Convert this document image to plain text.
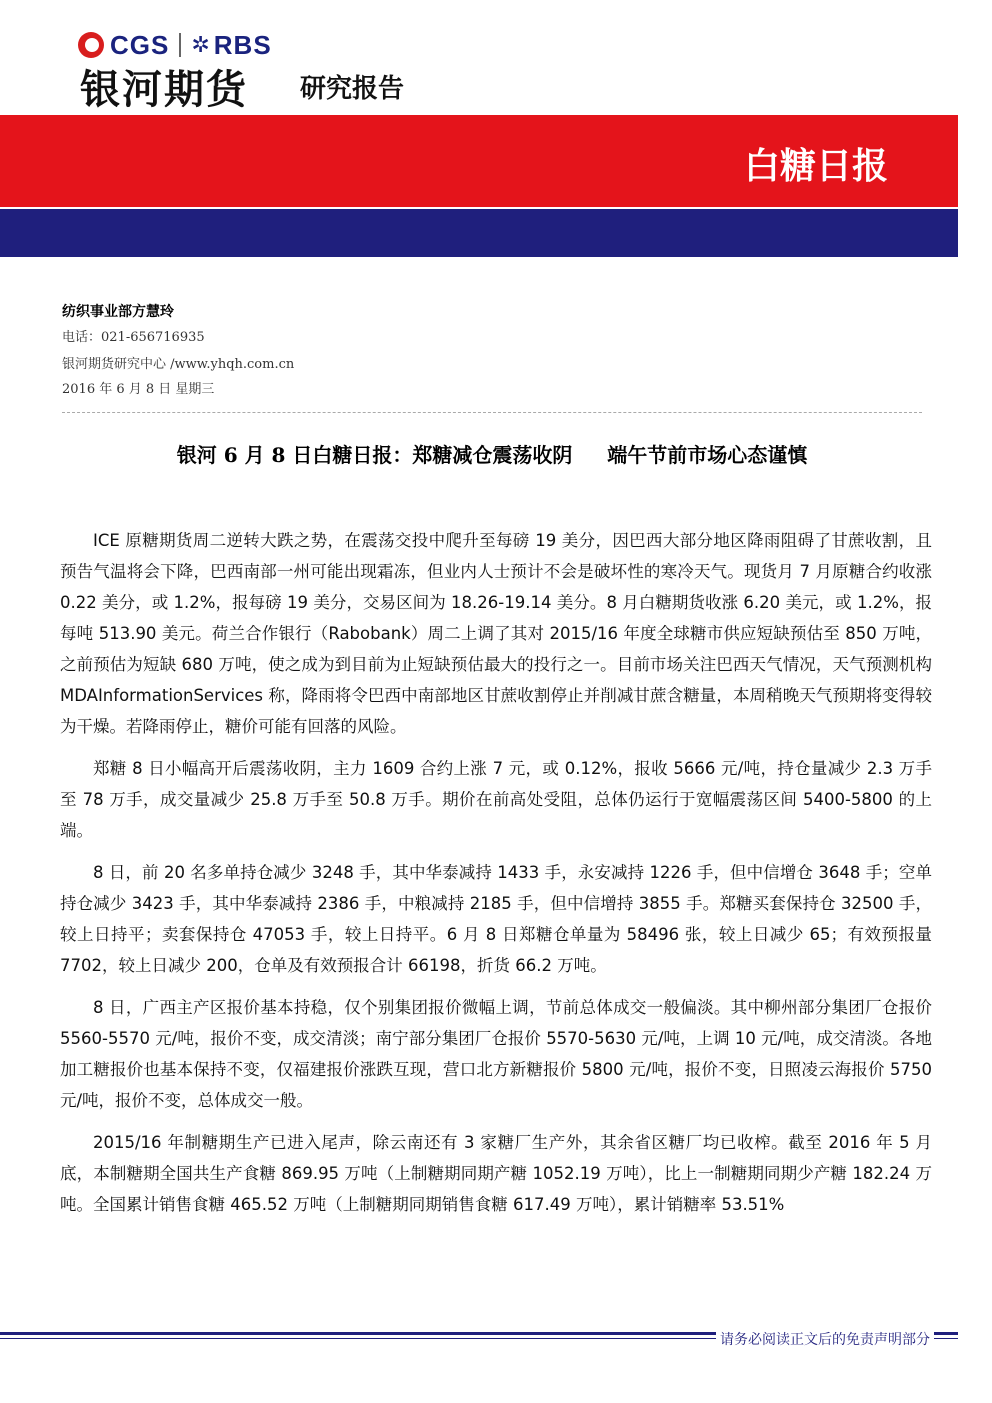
CGS ✲ RBS
银河期货 研究报告
白糖日报
纺织事业部方慧玲
电话：021-656716935
银河期货研究中心 /www.yhqh.com.cn
2016 年 6 月 8 日 星期三
银河 6 月 8 日白糖日报：郑糖减仓震荡收阴     端午节前市场心态谨慎

ICE 原糖期货周二逆转大跌之势，在震荡交投中爬升至每磅 19 美分，因巴西大部分地区降雨阻碍了甘蔗收割，且预告气温将会下降，巴西南部一州可能出现霜冻，但业内人士预计不会是破坏性的寒冷天气。现货月 7 月原糖合约收涨 0.22 美分，或 1.2%，报每磅 19 美分，交易区间为 18.26-19.14 美分。8 月白糖期货收涨 6.20 美元，或 1.2%，报每吨 513.90 美元。荷兰合作银行（Rabobank）周二上调了其对 2015/16 年度全球糖市供应短缺预估至 850 万吨，之前预估为短缺 680 万吨，使之成为到目前为止短缺预估最大的投行之一。目前市场关注巴西天气情况，天气预测机构 MDAInformationServices 称，降雨将令巴西中南部地区甘蔗收割停止并削减甘蔗含糖量，本周稍晚天气预期将变得较为干燥。若降雨停止，糖价可能有回落的风险。

郑糖 8 日小幅高开后震荡收阴，主力 1609 合约上涨 7 元，或 0.12%，报收 5666 元/吨，持仓量减少 2.3 万手至 78 万手，成交量减少 25.8 万手至 50.8 万手。期价在前高处受阻，总体仍运行于宽幅震荡区间 5400-5800 的上端。

8 日，前 20 名多单持仓减少 3248 手，其中华泰减持 1433 手，永安减持 1226 手，但中信增仓 3648 手；空单持仓减少 3423 手，其中华泰减持 2386 手，中粮减持 2185 手，但中信增持 3855 手。郑糖买套保持仓 32500 手，较上日持平；卖套保持仓 47053 手，较上日持平。6 月 8 日郑糖仓单量为 58496 张，较上日减少 65；有效预报量 7702，较上日减少 200，仓单及有效预报合计 66198，折货 66.2 万吨。

8 日，广西主产区报价基本持稳，仅个别集团报价微幅上调，节前总体成交一般偏淡。其中柳州部分集团厂仓报价 5560-5570 元/吨，报价不变，成交清淡；南宁部分集团厂仓报价 5570-5630 元/吨，上调 10 元/吨，成交清淡。各地加工糖报价也基本保持不变，仅福建报价涨跌互现，营口北方新糖报价 5800 元/吨，报价不变，日照凌云海报价 5750 元/吨，报价不变，总体成交一般。

2015/16 年制糖期生产已进入尾声，除云南还有 3 家糖厂生产外，其余省区糖厂均已收榨。截至 2016 年 5 月底，本制糖期全国共生产食糖 869.95 万吨（上制糖期同期产糖 1052.19 万吨），比上一制糖期同期少产糖 182.24 万吨。全国累计销售食糖 465.52 万吨（上制糖期同期销售食糖 617.49 万吨），累计销糖率 53.51%

请务必阅读正文后的免责声明部分
